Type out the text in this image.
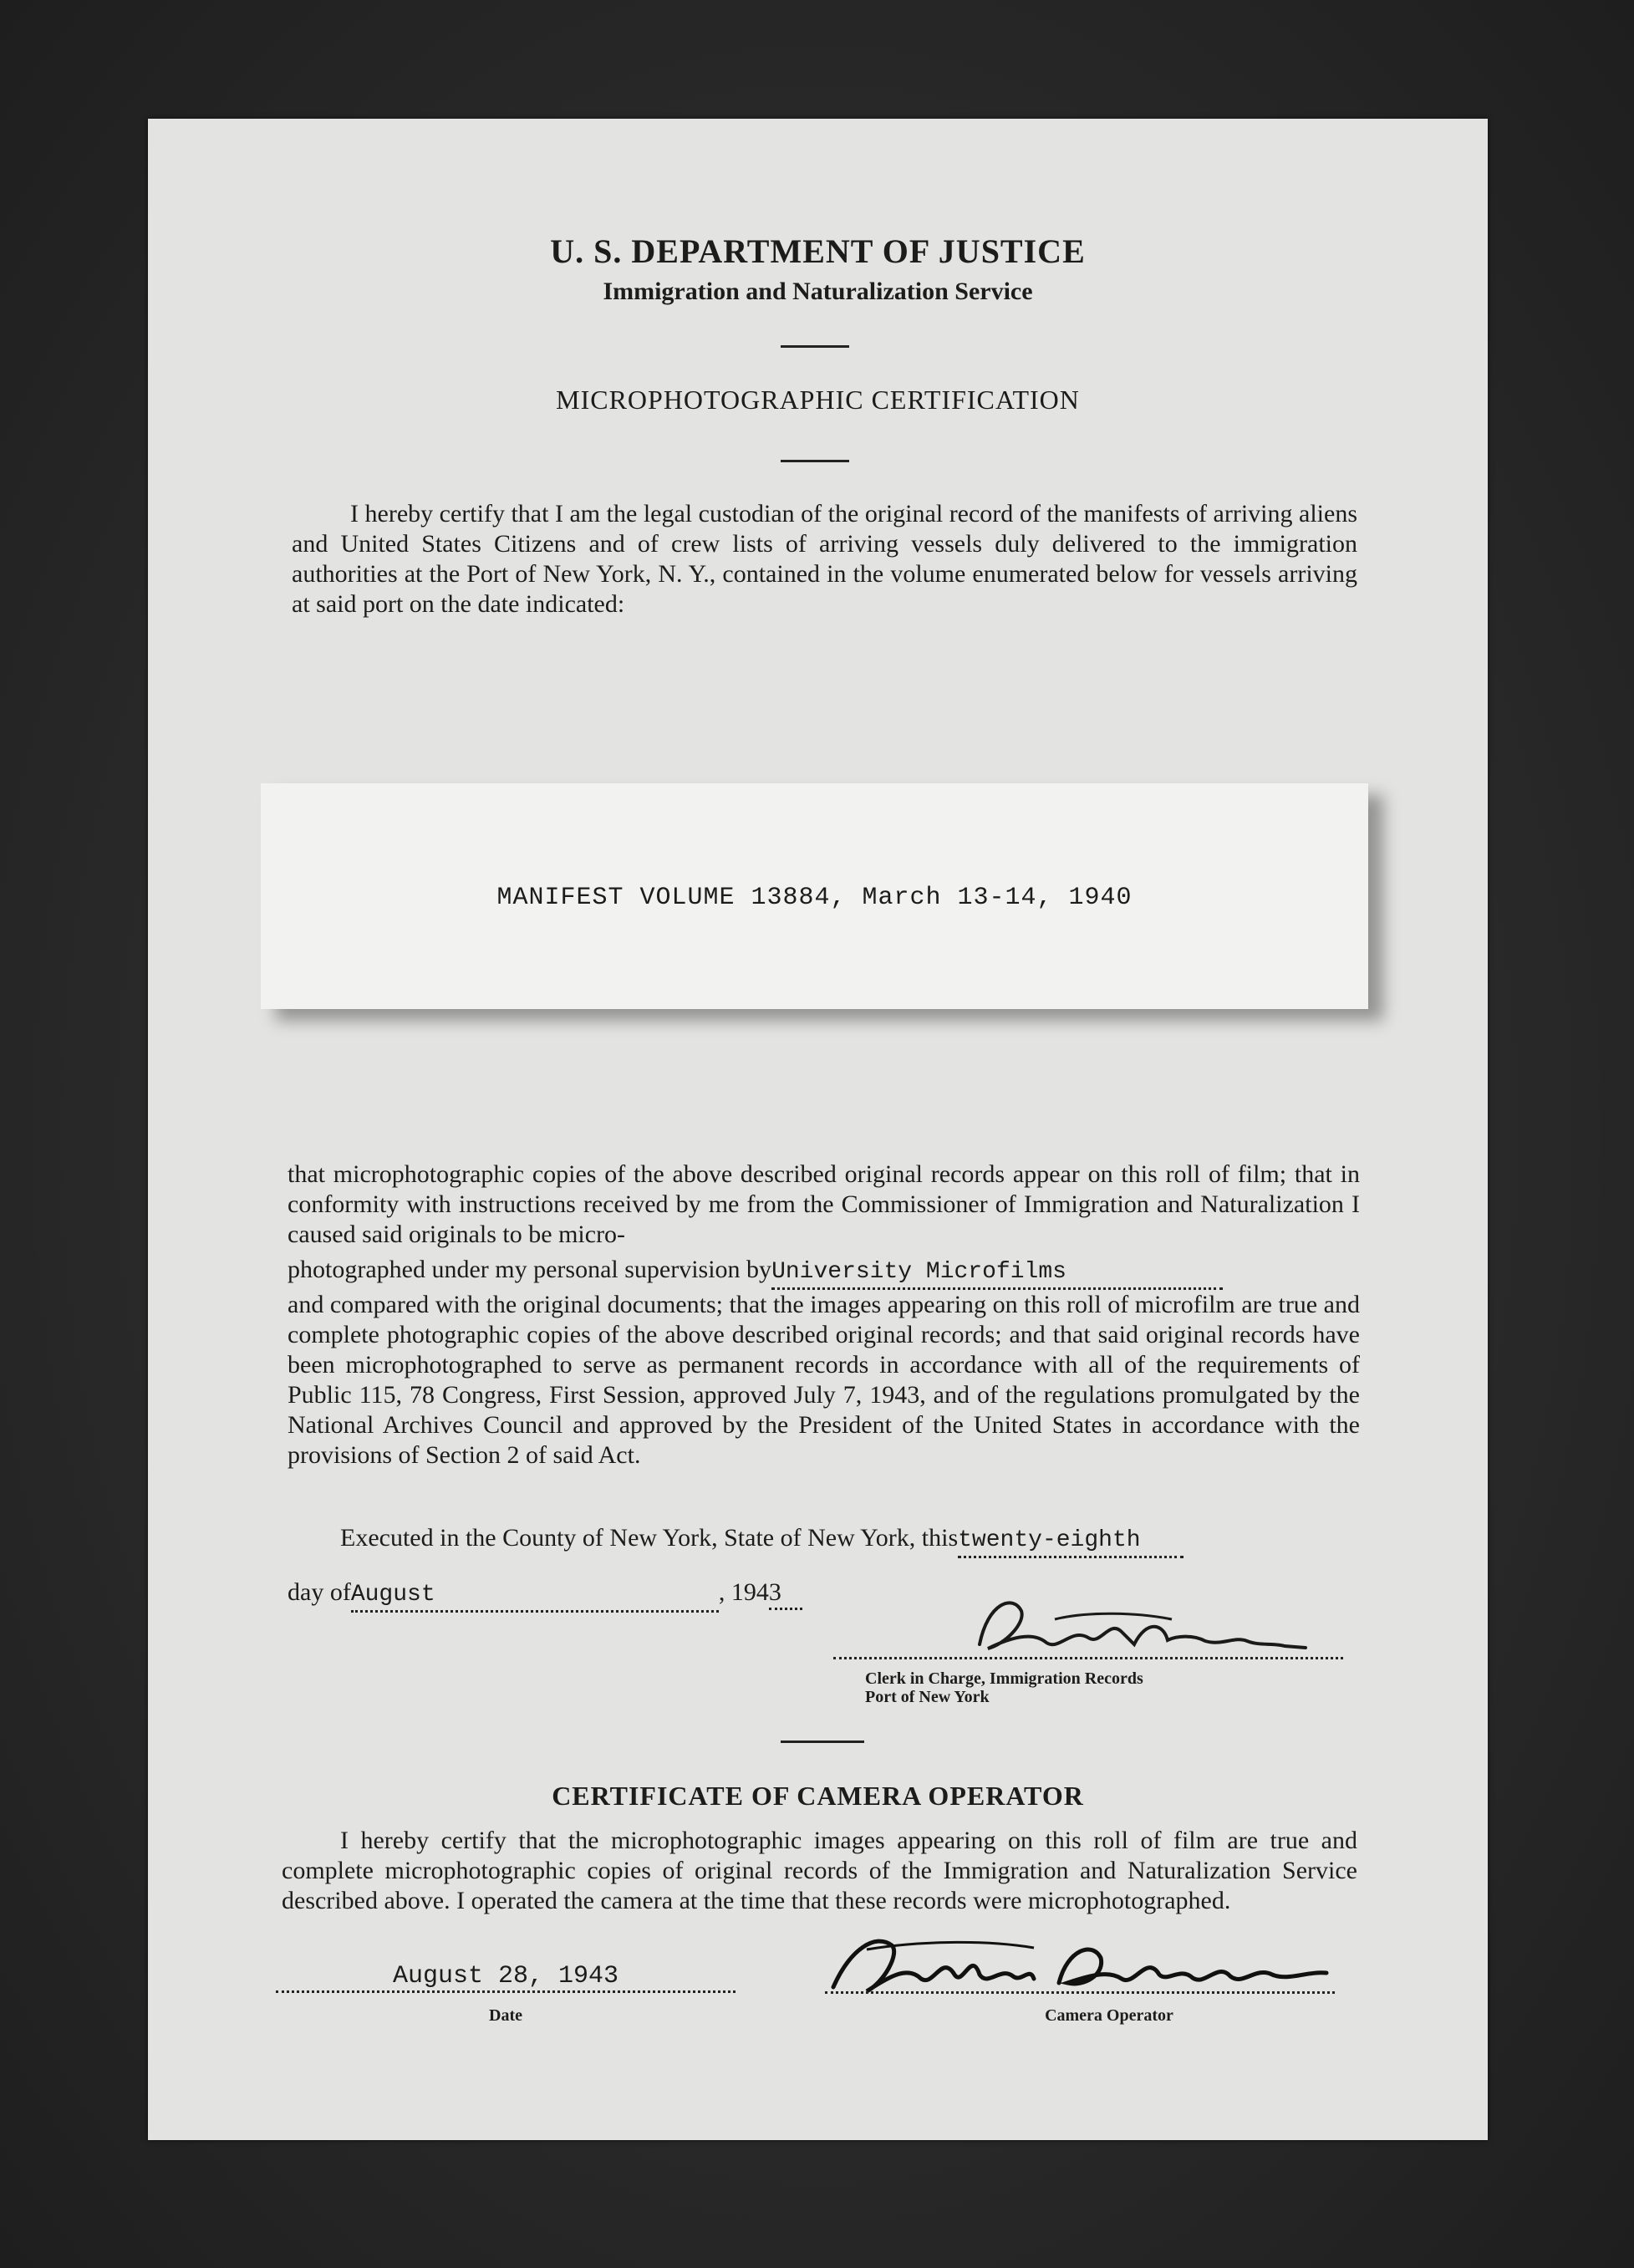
U. S. DEPARTMENT OF JUSTICE
Immigration and Naturalization Service
MICROPHOTOGRAPHIC CERTIFICATION

I hereby certify that I am the legal custodian of the original record of the manifests of arriving aliens and United States Citizens and of crew lists of arriving vessels duly delivered to the immigration authorities at the Port of New York, N. Y., contained in the volume enumerated below for vessels arriving at said port on the date indicated:

MANIFEST VOLUME 13884, March 13-14, 1940

that microphotographic copies of the above described original records appear on this roll of film; that in conformity with instructions received by me from the Commissioner of Immigration and Naturalization I caused said originals to be micro-

photographed under my personal supervision byUniversity Microfilms

and compared with the original documents; that the images appearing on this roll of microfilm are true and complete photographic copies of the above described original records; and that said original records have been microphotographed to serve as permanent records in accordance with all of the requirements of Public 115, 78 Congress, First Session, approved July 7, 1943, and of the regulations promulgated by the National Archives Council and approved by the President of the United States in accordance with the provisions of Section 2 of said Act.

Executed in the County of New York, State of New York, thistwenty-eighth
day ofAugust	, 1943
Clerk in Charge, Immigration Records
Port of New York
CERTIFICATE OF CAMERA OPERATOR

I hereby certify that the microphotographic images appearing on this roll of film are true and complete microphotographic copies of original records of the Immigration and Naturalization Service described above. I operated the camera at the time that these records were microphotographed.

August 28, 1943
Date	Camera Operator
